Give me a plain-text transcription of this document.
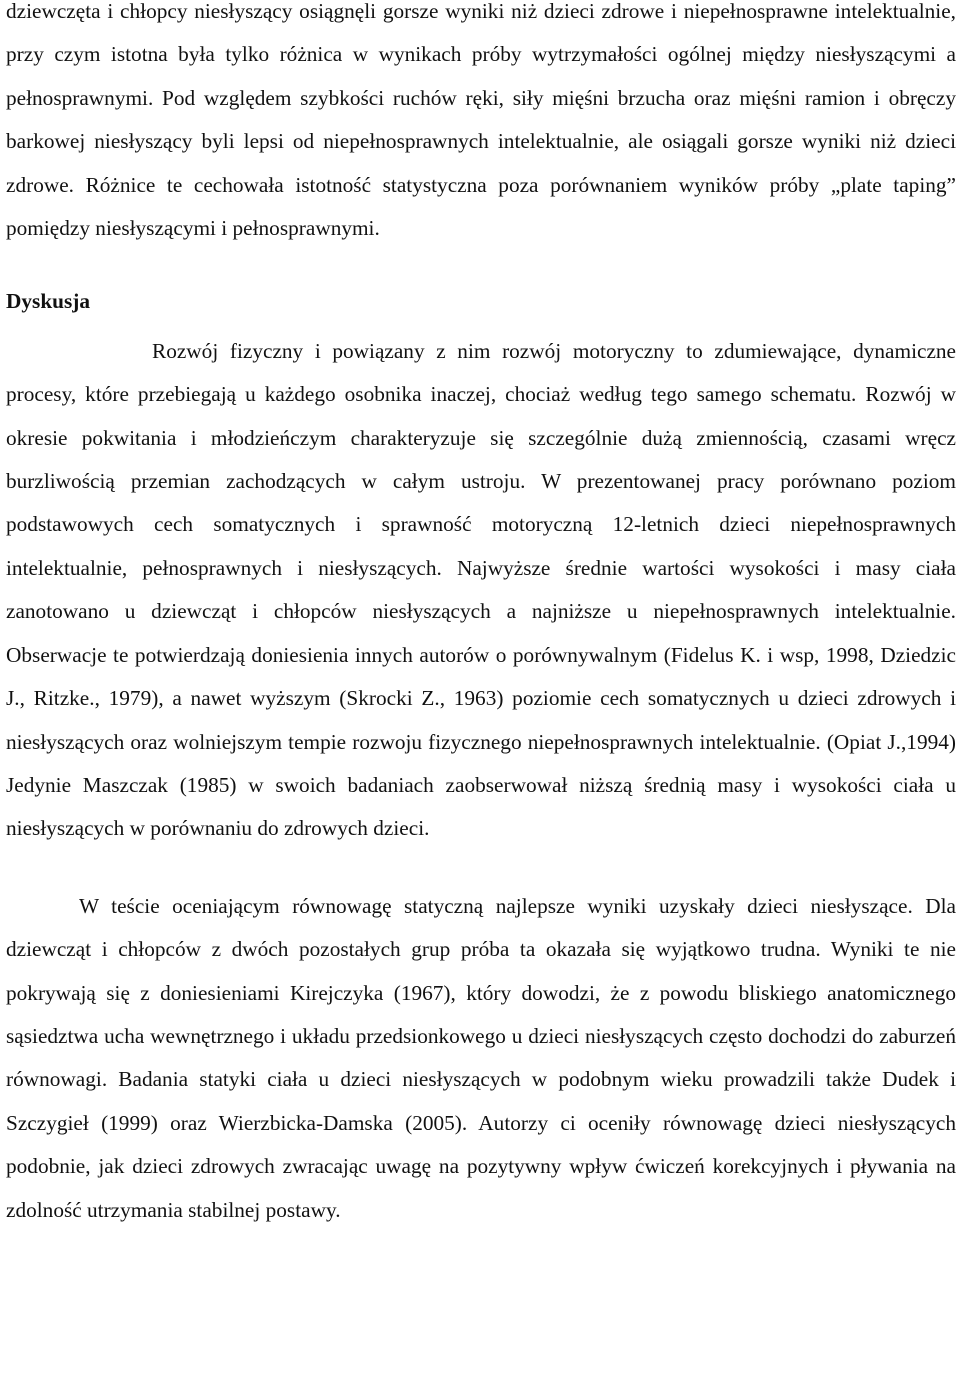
dziewczęta i chłopcy niesłyszący osiągnęli gorsze wyniki niż dzieci zdrowe i niepełnosprawne intelektualnie, przy czym istotna była tylko różnica w wynikach próby wytrzymałości ogólnej między niesłyszącymi a pełnosprawnymi. Pod względem szybkości ruchów ręki, siły mięśni brzucha oraz mięśni ramion i obręczy barkowej niesłyszący byli lepsi od niepełnosprawnych intelektualnie, ale osiągali gorsze wyniki niż dzieci zdrowe. Różnice te cechowała istotność statystyczna poza porównaniem wyników próby „plate taping” pomiędzy niesłyszącymi i pełnosprawnymi.

Dyskusja

Rozwój fizyczny i powiązany z nim rozwój motoryczny to zdumiewające, dynamiczne procesy, które przebiegają u każdego osobnika inaczej, chociaż według tego samego schematu. Rozwój w okresie pokwitania i młodzieńczym charakteryzuje się szczególnie dużą zmiennością, czasami wręcz burzliwością przemian zachodzących w całym ustroju. W prezentowanej pracy porównano poziom podstawowych cech somatycznych i sprawność motoryczną 12-letnich dzieci niepełnosprawnych intelektualnie, pełnosprawnych i niesłyszących. Najwyższe średnie wartości wysokości i masy ciała zanotowano u dziewcząt i chłopców niesłyszących a najniższe u niepełnosprawnych intelektualnie. Obserwacje te potwierdzają doniesienia innych autorów o porównywalnym (Fidelus K. i wsp, 1998, Dziedzic J., Ritzke., 1979), a nawet wyższym (Skrocki Z., 1963) poziomie cech somatycznych u dzieci zdrowych i niesłyszących oraz wolniejszym tempie rozwoju fizycznego niepełnosprawnych intelektualnie. (Opiat J.,1994) Jedynie Maszczak (1985) w swoich badaniach zaobserwował niższą średnią masy i wysokości ciała u niesłyszących w porównaniu do zdrowych dzieci.

W teście oceniającym równowagę statyczną najlepsze wyniki uzyskały dzieci niesłyszące. Dla dziewcząt i chłopców z dwóch pozostałych grup próba ta okazała się wyjątkowo trudna. Wyniki te nie pokrywają się z doniesieniami Kirejczyka (1967), który dowodzi, że z powodu bliskiego anatomicznego sąsiedztwa ucha wewnętrznego i układu przedsionkowego u dzieci niesłyszących często dochodzi do zaburzeń równowagi. Badania statyki ciała u dzieci niesłyszących w podobnym wieku prowadzili także Dudek i Szczygieł (1999) oraz Wierzbicka-Damska (2005). Autorzy ci oceniły równowagę dzieci niesłyszących podobnie, jak dzieci zdrowych zwracając uwagę na pozytywny wpływ ćwiczeń korekcyjnych i pływania na zdolność utrzymania stabilnej postawy.
